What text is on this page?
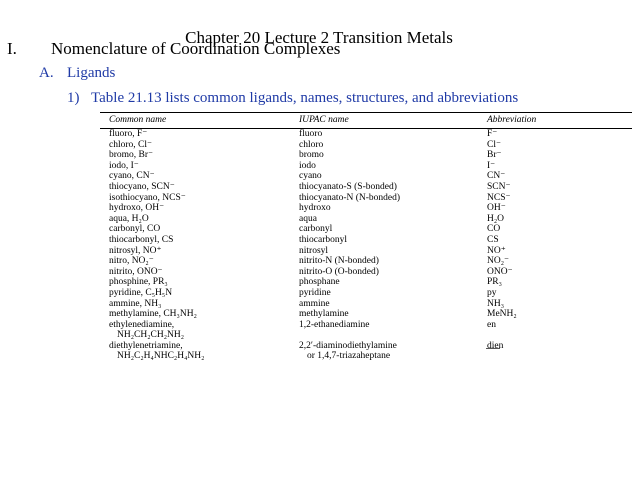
Chapter 20 Lecture 2 Transition Metals
I. Nomenclature of Coordination Complexes
A. Ligands
1) Table 21.13 lists common ligands, names, structures, and abbreviations
Common name	IUPAC name	Abbreviation
fluoro, F⁻	fluoro	F⁻
chloro, Cl⁻	chloro	Cl⁻
bromo, Br⁻	bromo	Br⁻
iodo, I⁻	iodo	I⁻
cyano, CN⁻	cyano	CN⁻
thiocyano, SCN⁻	thiocyanato-S (S-bonded)	SCN⁻
isothiocyano, NCS⁻	thiocyanato-N (N-bonded)	NCS⁻
hydroxo, OH⁻	hydroxo	OH⁻
aqua, H₂O	aqua	H₂O
carbonyl, CO	carbonyl	CO
thiocarbonyl, CS	thiocarbonyl	CS
nitrosyl, NO⁺	nitrosyl	NO⁺
nitro, NO₂⁻	nitrito-N (N-bonded)	NO₂⁻
nitrito, ONO⁻	nitrito-O (O-bonded)	ONO⁻
phosphine, PR₃	phosphane	PR₃
pyridine, C₅H₅N	pyridine	py
ammine, NH₃	ammine	NH₃
methylamine, CH₃NH₂	methylamine	MeNH₂
ethylenediamine,	1,2-ethanediamine	en
NH₂CH₂CH₂NH₂		
diethylenetriamine,	2,2′-diaminodiethylamine	dien
NH₂C₂H₄NHC₂H₄NH₂	or 1,4,7-triazaheptane	
